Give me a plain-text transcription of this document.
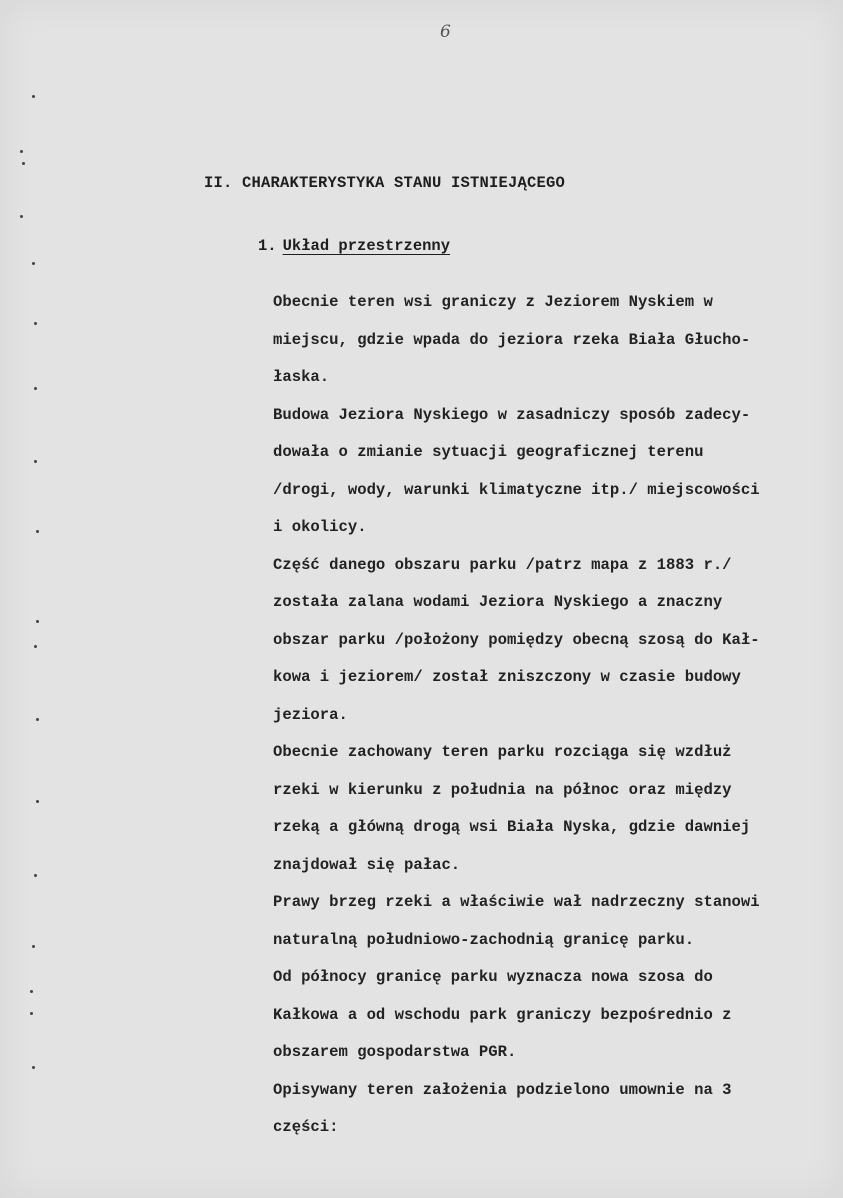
6
II. CHARAKTERYSTYKA STANU ISTNIEJĄCEGO
1. Układ przestrzenny
Obecnie teren wsi graniczy z Jeziorem Nyskiem w
miejscu, gdzie wpada do jeziora rzeka Biała Głucho-
łaska.
Budowa Jeziora Nyskiego w zasadniczy sposób zadecy-
dowała o zmianie sytuacji geograficznej terenu
/drogi, wody, warunki klimatyczne itp./ miejscowości
i okolicy.
Część danego obszaru parku /patrz mapa z 1883 r./
została zalana wodami Jeziora Nyskiego a znaczny
obszar parku /położony pomiędzy obecną szosą do Kał-
kowa i jeziorem/ został zniszczony w czasie budowy
jeziora.
Obecnie zachowany teren parku rozciąga się wzdłuż
rzeki w kierunku z południa na północ oraz między
rzeką a główną drogą wsi Biała Nyska, gdzie dawniej
znajdował się pałac.
Prawy brzeg rzeki a właściwie wał nadrzeczny stanowi
naturalną południowo-zachodnią granicę parku.
Od północy granicę parku wyznacza nowa szosa do
Kałkowa a od wschodu park graniczy bezpośrednio z
obszarem gospodarstwa PGR.
Opisywany teren założenia podzielono umownie na 3
części:
